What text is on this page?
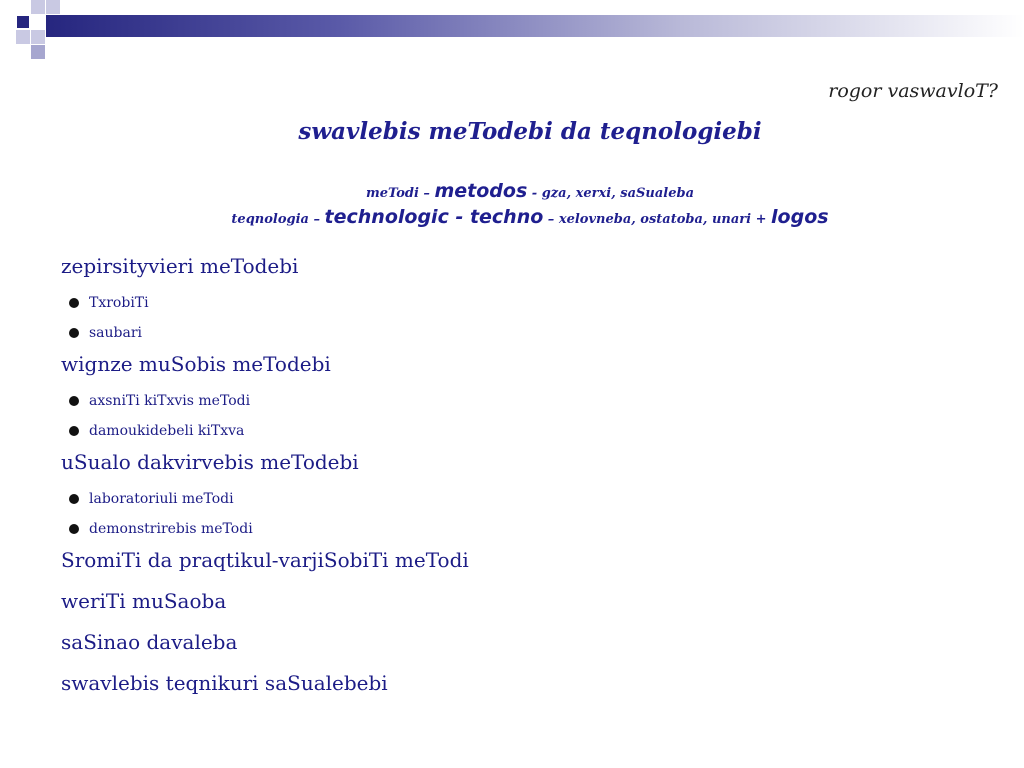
rogor vaswavloT?
swavlebis meTodebi da teqnologiebi
meTodi – metodos - gza, xerxi, saSualeba
teqnologia – technologic - techno – xelovneba, ostatoba, unari + logos

zepirsityvieri meTodebi

TxrobiTi
saubari

wignze muSobis meTodebi

axsniTi kiTxvis meTodi
damoukidebeli kiTxva

uSualo dakvirvebis meTodebi

laboratoriuli meTodi
demonstrirebis meTodi

SromiTi da praqtikul-varjiSobiTi meTodi

weriTi muSaoba

saSinao davaleba

swavlebis teqnikuri saSualebebi
